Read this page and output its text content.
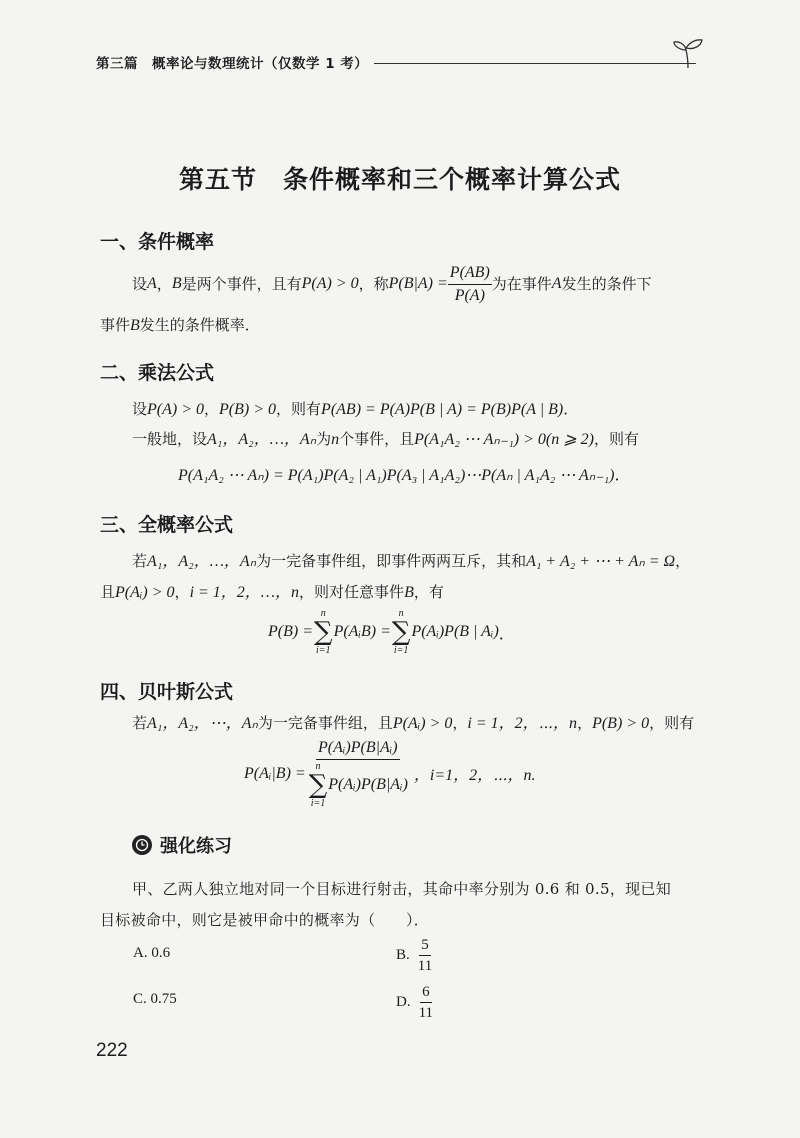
第三篇　概率论与数理统计（仅数学 1 考）
第五节　条件概率和三个概率计算公式
一、条件概率
设 A ， B 是两个事件，且有 P(A) > 0 ，称 $P(B|A) = \frac{P(AB)}{P(A)}$ 为在事件 A 发生的条件下
事件B发生的条件概率．
二、乘法公式
设P(A) > 0，P(B) > 0，则有P(AB) = P(A)P(B | A) = P(B)P(A | B)．
一般地，设A₁，A₂，…，Aₙ为n个事件，且P(A₁A₂ ⋯ Aₙ₋₁) > 0(n ⩾ 2)，则有
P(A₁A₂ ⋯ Aₙ) = P(A₁)P(A₂ | A₁)P(A₃ | A₁A₂)⋯P(Aₙ | A₁A₂ ⋯ Aₙ₋₁)．
三、全概率公式
若A₁，A₂，…，Aₙ为一完备事件组，即事件两两互斥，其和A₁ + A₂ + ⋯ + Aₙ = Ω，
且P(Aᵢ) > 0，i = 1，2，…，n，则对任意事件B，有
P(B) =
n
∑
i=1
P(AᵢB) =
n
∑
i=1
P(Aᵢ)P(B | Aᵢ) ．
四、贝叶斯公式
若A₁，A₂，⋯，Aₙ为一完备事件组，且P(Aᵢ) > 0，i = 1，2，⋯，n，P(B) > 0，则有
P(Aᵢ|B) = P(Aᵢ)P(B|Aᵢ)
n
∑
i=1
P(Aᵢ)P(B|Aᵢ) ，i=1，2，⋯，n.
强化练习
甲、乙两人独立地对同一个目标进行射击，其命中率分别为 0.6 和 0.5，现已知
目标被命中，则它是被甲命中的概率为（　　）．
A. 0.6	B. $\frac{5}{11}$
C. 0.75	D. $\frac{6}{11}$
222
